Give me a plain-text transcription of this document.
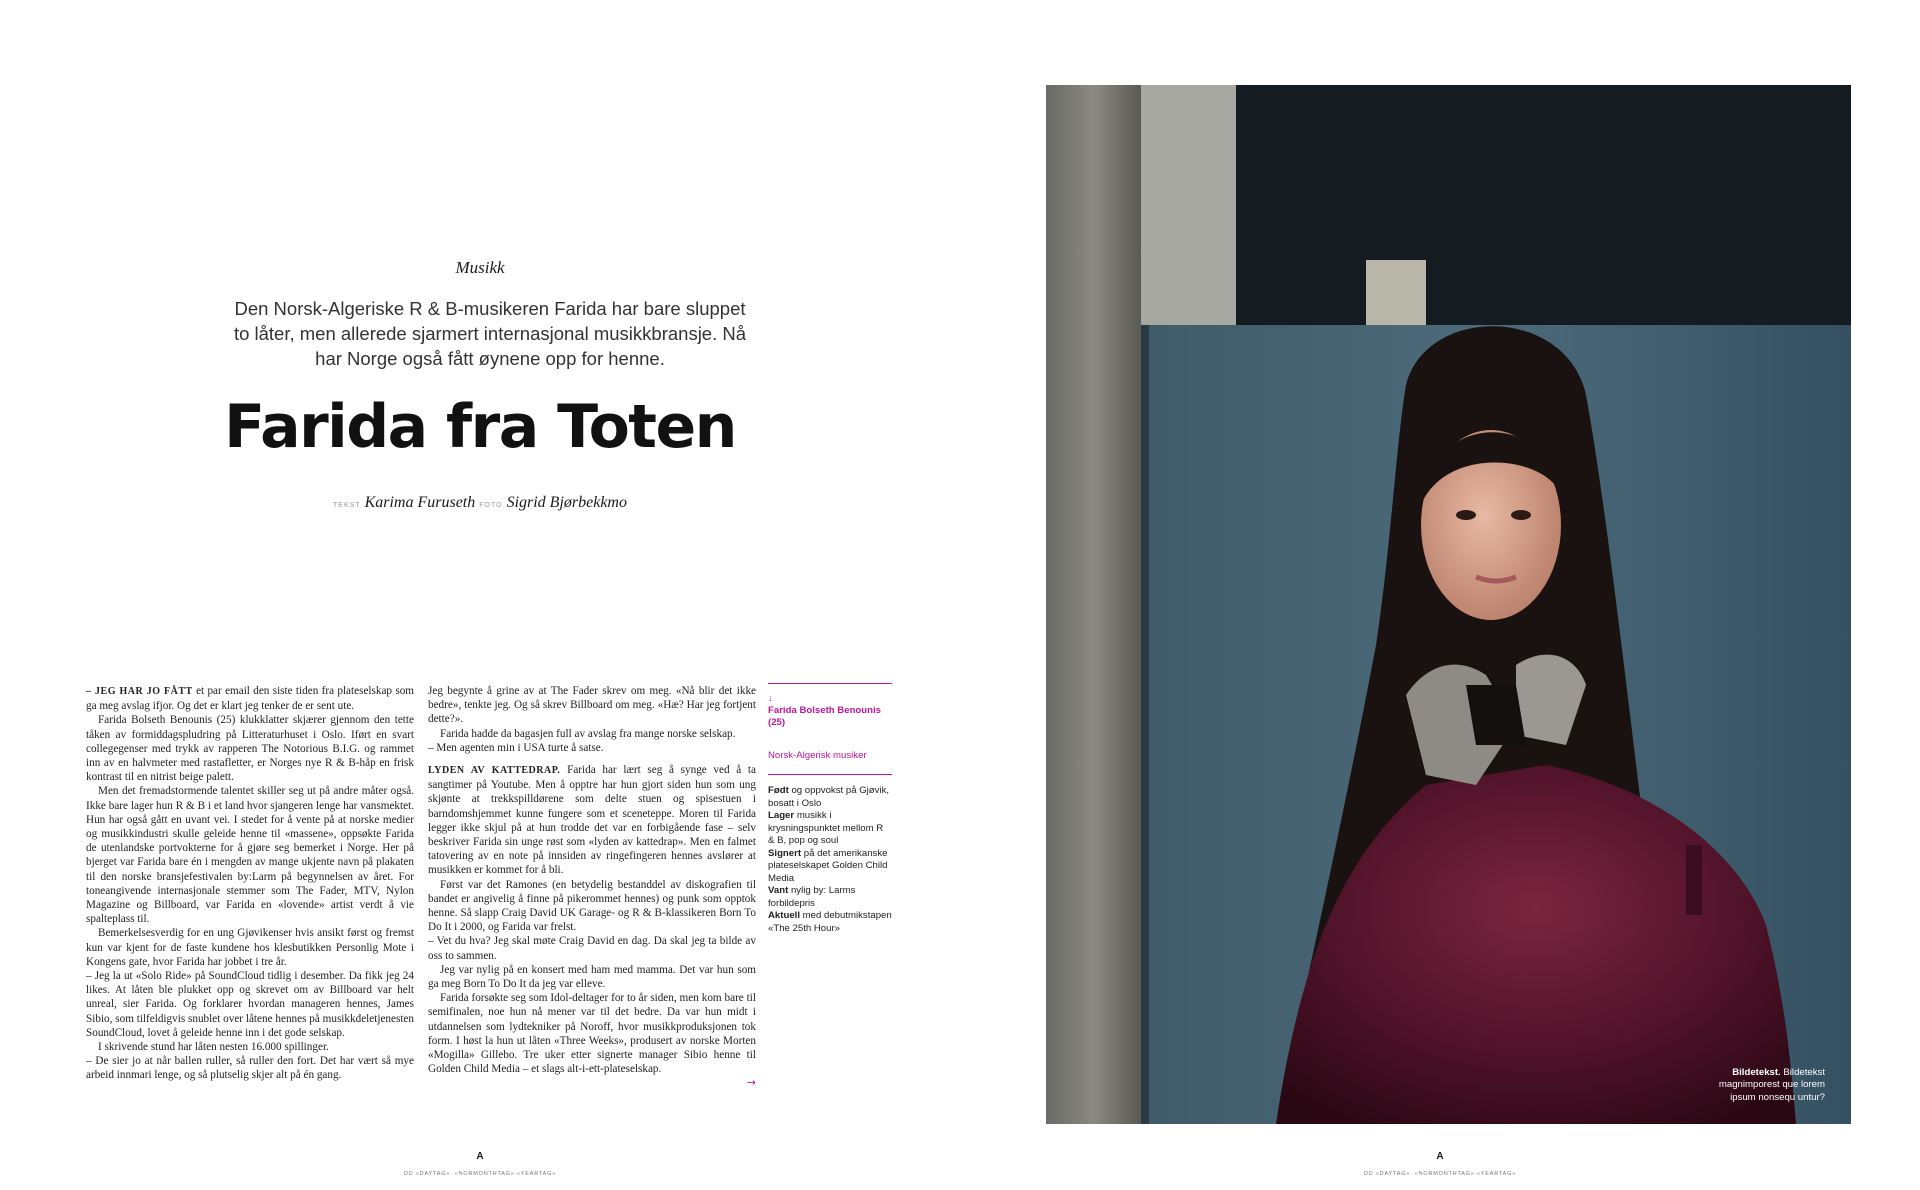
Musikk
Den Norsk-Algeriske R & B-musikeren Farida har bare sluppet to låter, men allerede sjarmert internasjonal musikkbransje. Nå har Norge også fått øynene opp for henne.
Farida fra Toten
TEKST Karima Furuseth FOTO Sigrid Bjørbekkmo

– JEG HAR JO FÅTT et par email den siste tiden fra plateselskap som ga meg avslag ifjor. Og det er klart jeg tenker de er sent ute.

Farida Bolseth Benounis (25) klukklatter skjærer gjennom den tette tåken av formiddagspludring på Litteraturhuset i Oslo. Iført en svart collegegenser med trykk av rapperen The Notorious B.I.G. og rammet inn av en halvmeter med rastafletter, er Norges nye R & B-håp en frisk kontrast til en nitrist beige palett.

Men det fremadstormende talentet skiller seg ut på andre måter også. Ikke bare lager hun R & B i et land hvor sjangeren lenge har vansmektet. Hun har også gått en uvant vei. I stedet for å vente på at norske medier og musikkindustri skulle geleide henne til «massene», oppsøkte Farida de utenlandske portvokterne for å gjøre seg bemerket i Norge. Her på bjerget var Farida bare én i mengden av mange ukjente navn på plakaten til den norske bransjefestivalen by:Larm på begynnelsen av året. For toneangivende internasjonale stemmer som The Fader, MTV, Nylon Magazine og Billboard, var Farida en «lovende» artist verdt å vie spalteplass til.

Bemerkelsesverdig for en ung Gjøvikenser hvis ansikt først og fremst kun var kjent for de faste kundene hos klesbutikken Personlig Mote i Kongens gate, hvor Farida har jobbet i tre år.

– Jeg la ut «Solo Ride» på SoundCloud tidlig i desember. Da fikk jeg 24 likes. At låten ble plukket opp og skrevet om av Billboard var helt unreal, sier Farida. Og forklarer hvordan manageren hennes, James Sibio, som tilfeldigvis snublet over låtene hennes på musikkdeletjenesten SoundCloud, lovet å geleide henne inn i det gode selskap.

I skrivende stund har låten nesten 16.000 spillinger.

– De sier jo at når ballen ruller, så ruller den fort. Det har vært så mye arbeid innmari lenge, og så plutselig skjer alt på én gang.

Jeg begynte å grine av at The Fader skrev om meg. «Nå blir det ikke bedre», tenkte jeg. Og så skrev Billboard om meg. «Hæ? Har jeg fortjent dette?».

Farida hadde da bagasjen full av avslag fra mange norske selskap.

– Men agenten min i USA turte å satse.

LYDEN AV KATTEDRAP. Farida har lært seg å synge ved å ta sangtimer på Youtube. Men å opptre har hun gjort siden hun som ung skjønte at trekkspilldørene som delte stuen og spisestuen i barndomshjemmet kunne fungere som et sceneteppe. Moren til Farida legger ikke skjul på at hun trodde det var en forbigående fase – selv beskriver Farida sin unge røst som «lyden av kattedrap». Men en falmet tatovering av en note på innsiden av ringefingeren hennes avslører at musikken er kommet for å bli.

Først var det Ramones (en betydelig bestanddel av diskografien til bandet er angivelig å finne på pikerommet hennes) og punk som opptok henne. Så slapp Craig David UK Garage- og R & B-klassikeren Born To Do It i 2000, og Farida var frelst.

– Vet du hva? Jeg skal møte Craig David en dag. Da skal jeg ta bilde av oss to sammen.

Jeg var nylig på en konsert med ham med mamma. Det var hun som ga meg Born To Do It da jeg var elleve.

Farida forsøkte seg som Idol-deltager for to år siden, men kom bare til semifinalen, noe hun nå mener var til det bedre. Da var hun midt i utdannelsen som lydtekniker på Noroff, hvor musikkproduksjonen tok form. I høst la hun ut låten «Three Weeks», produsert av norske Morten «Mogilla» Gillebo. Tre uker etter signerte manager Sibio henne til Golden Child Media – et slags alt-i-ett-plateselskap.

→

↓
Farida Bolseth Benounis (25)
Norsk-Algerisk musiker

Født og oppvokst på Gjøvik, bosatt i Oslo

Lager musikk i krysningspunktet mellom R & B, pop og soul

Signert på det amerikanske plateselskapet Golden Child Media

Vant nylig by: Larms forbildepris

Aktuell med debutmikstapen «The 25th Hour»

A
DD «DAYTAG». «NORMONTHTAG» «YEARTAG»
Bildetekst. Bildetekst magnimporest que lorem ipsum nonsequ untur?
A
DD «DAYTAG». «NORMONTHTAG» «YEARTAG»
